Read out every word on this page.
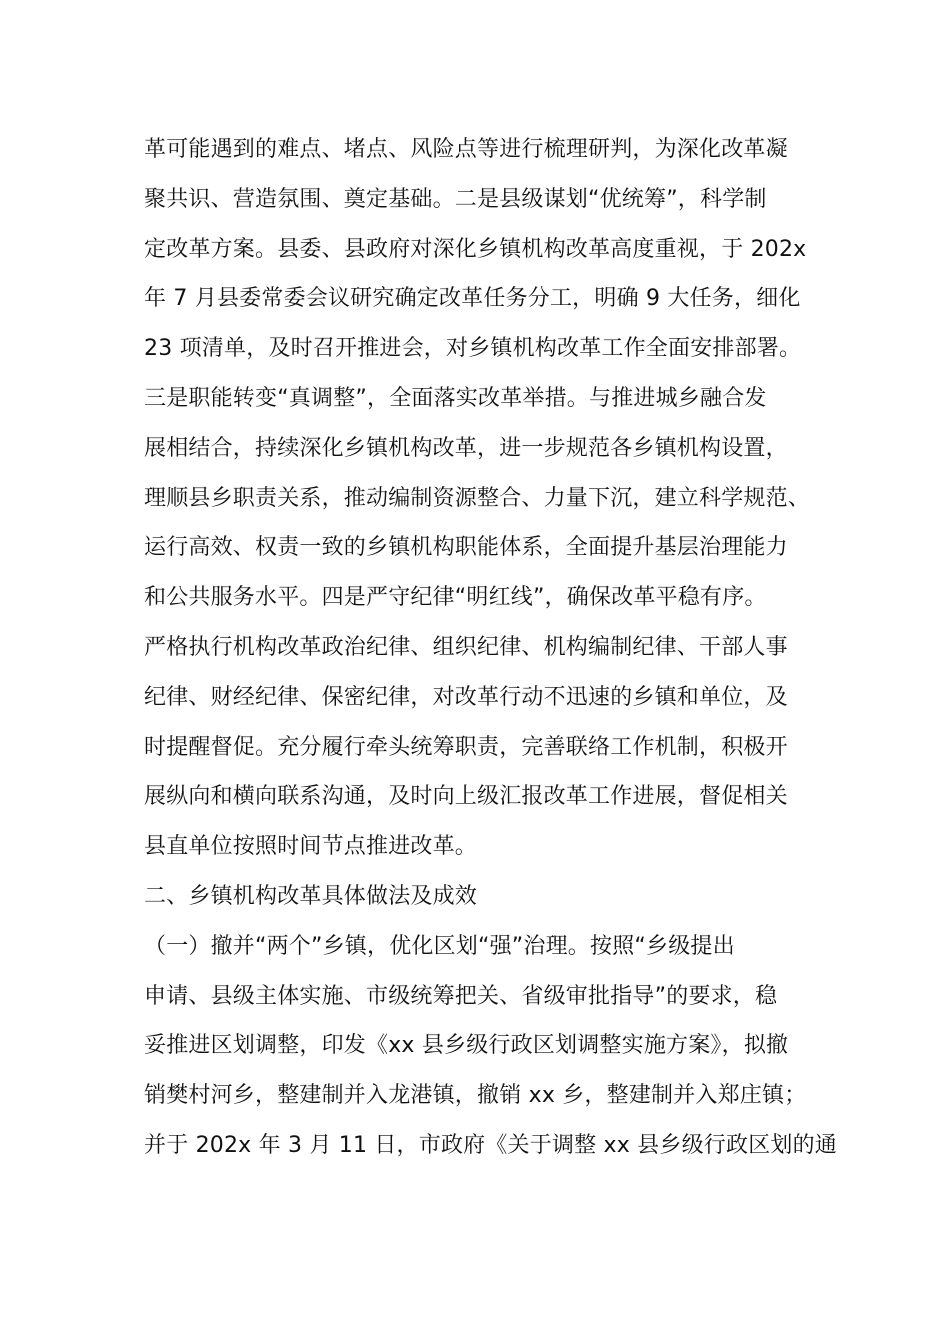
革可能遇到的难点、堵点、风险点等进行梳理研判，为深化改革凝
聚共识、营造氛围、奠定基础。二是县级谋划“优统筹”，科学制
定改革方案。县委、县政府对深化乡镇机构改革高度重视，于 202x
年 7 月县委常委会议研究确定改革任务分工，明确 9 大任务，细化
23 项清单，及时召开推进会，对乡镇机构改革工作全面安排部署。
三是职能转变“真调整”，全面落实改革举措。与推进城乡融合发
展相结合，持续深化乡镇机构改革，进一步规范各乡镇机构设置，
理顺县乡职责关系，推动编制资源整合、力量下沉，建立科学规范、
运行高效、权责一致的乡镇机构职能体系，全面提升基层治理能力
和公共服务水平。四是严守纪律“明红线”，确保改革平稳有序。
严格执行机构改革政治纪律、组织纪律、机构编制纪律、干部人事
纪律、财经纪律、保密纪律，对改革行动不迅速的乡镇和单位，及
时提醒督促。充分履行牵头统筹职责，完善联络工作机制，积极开
展纵向和横向联系沟通，及时向上级汇报改革工作进展，督促相关
县直单位按照时间节点推进改革。
二、乡镇机构改革具体做法及成效
（一）撤并“两个”乡镇，优化区划“强”治理。按照“乡级提出
申请、县级主体实施、市级统筹把关、省级审批指导”的要求，稳
妥推进区划调整，印发《xx 县乡级行政区划调整实施方案》，拟撤
销樊村河乡，整建制并入龙港镇，撤销 xx 乡，整建制并入郑庄镇；
并于 202x 年 3 月 11 日，市政府《关于调整 xx 县乡级行政区划的通
